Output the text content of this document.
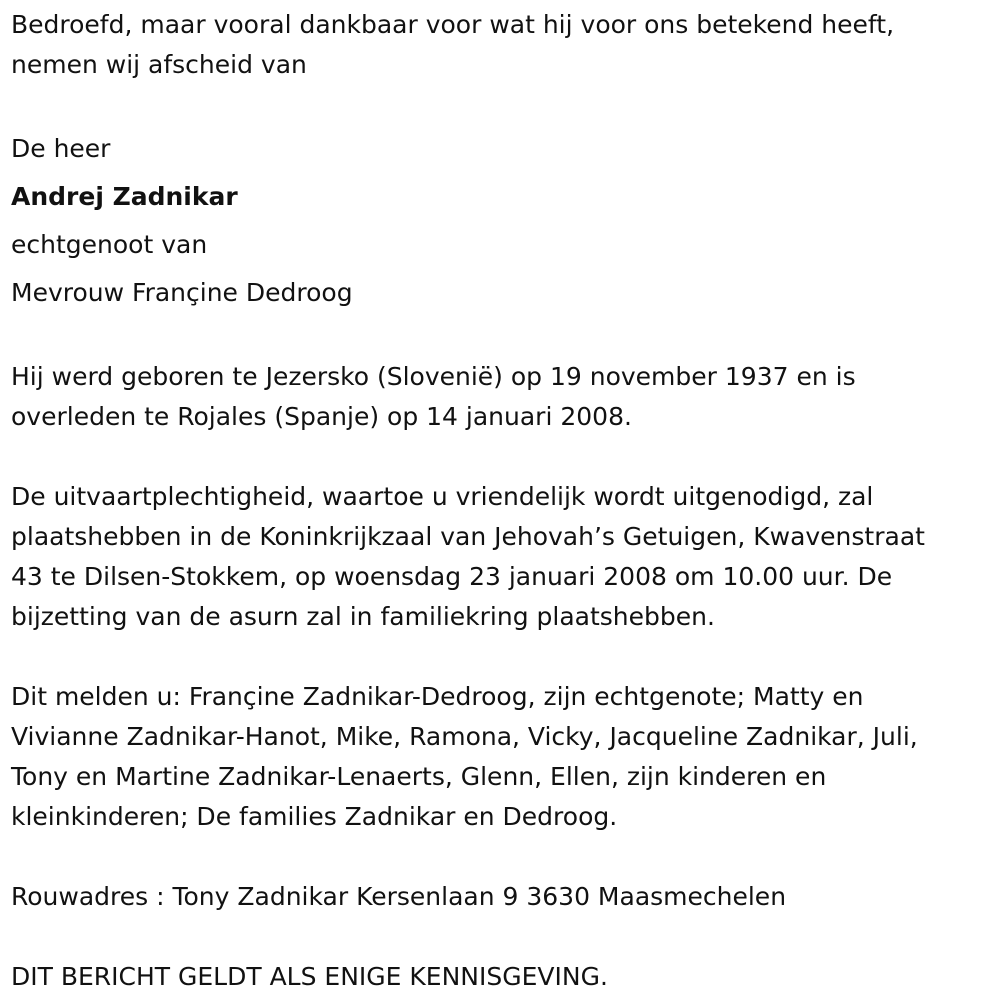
Bedroefd, maar vooral dankbaar voor wat hij voor ons betekend heeft,
nemen wij afscheid van

De heer
Andrej Zadnikar
echtgenoot van
Mevrouw Françine Dedroog

Hij werd geboren te Jezersko (Slovenië) op 19 november 1937 en is
overleden te Rojales (Spanje) op 14 januari 2008.

De uitvaartplechtigheid, waartoe u vriendelijk wordt uitgenodigd, zal
plaatshebben in de Koninkrijkzaal van Jehovah’s Getuigen, Kwavenstraat
43 te Dilsen-Stokkem, op woensdag 23 januari 2008 om 10.00 uur. De
bijzetting van de asurn zal in familiekring plaatshebben.

Dit melden u: Françine Zadnikar-Dedroog, zijn echtgenote; Matty en
Vivianne Zadnikar-Hanot, Mike, Ramona, Vicky, Jacqueline Zadnikar, Juli,
Tony en Martine Zadnikar-Lenaerts, Glenn, Ellen, zijn kinderen en
kleinkinderen; De families Zadnikar en Dedroog.

Rouwadres : Tony Zadnikar Kersenlaan 9 3630 Maasmechelen

DIT BERICHT GELDT ALS ENIGE KENNISGEVING.
